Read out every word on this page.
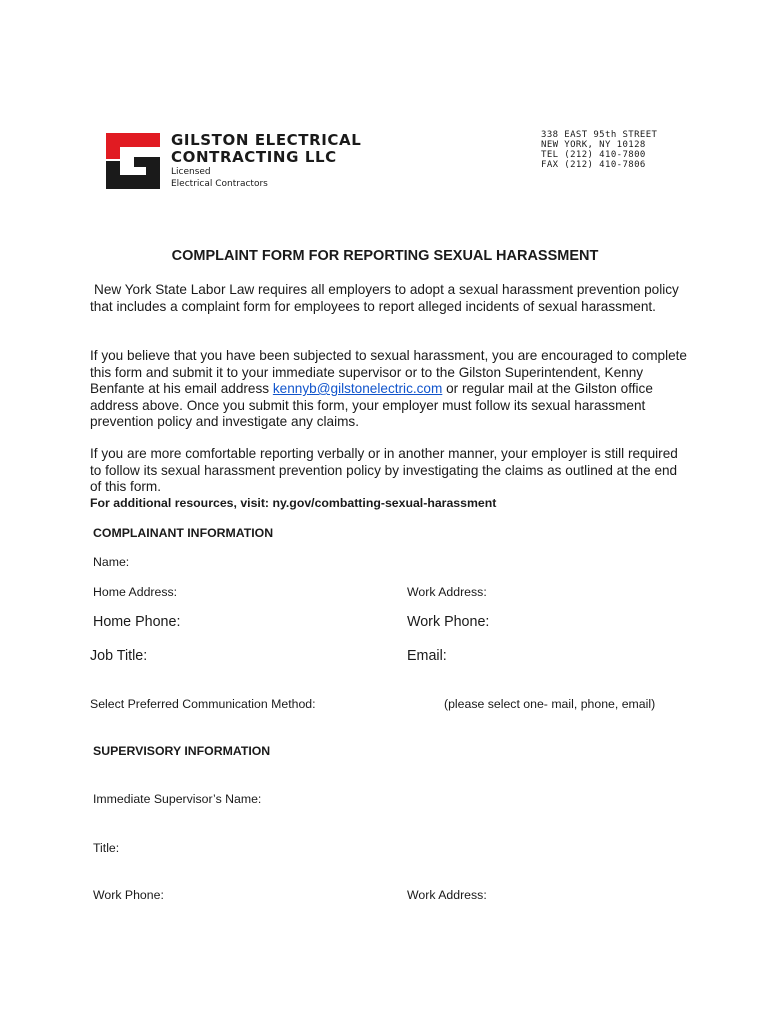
GILSTON ELECTRICAL
CONTRACTING LLC
Licensed
Electrical Contractors
338 EAST 95th STREET
NEW YORK, NY 10128
TEL (212) 410-7800
FAX (212) 410-7806
COMPLAINT FORM FOR REPORTING SEXUAL HARASSMENT
New York State Labor Law requires all employers to adopt a sexual harassment prevention policy that includes a complaint form for employees to report alleged incidents of sexual harassment.
If you believe that you have been subjected to sexual harassment, you are encouraged to complete this form and submit it to your immediate supervisor or to the Gilston Superintendent, Kenny Benfante at his email address kennyb@gilstonelectric.com or regular mail at the Gilston office address above. Once you submit this form, your employer must follow its sexual harassment prevention policy and investigate any claims.
If you are more comfortable reporting verbally or in another manner, your employer is still required to follow its sexual harassment prevention policy by investigating the claims as outlined at the end of this form.
For additional resources, visit: ny.gov/combatting-sexual-harassment
COMPLAINANT INFORMATION
Name:
Home Address:	Work Address:
Home Phone:	Work Phone:
Job Title:	Email:
Select Preferred Communication Method:	(please select one- mail, phone, email)
SUPERVISORY INFORMATION
Immediate Supervisor’s Name:
Title:
Work Phone:	Work Address:
